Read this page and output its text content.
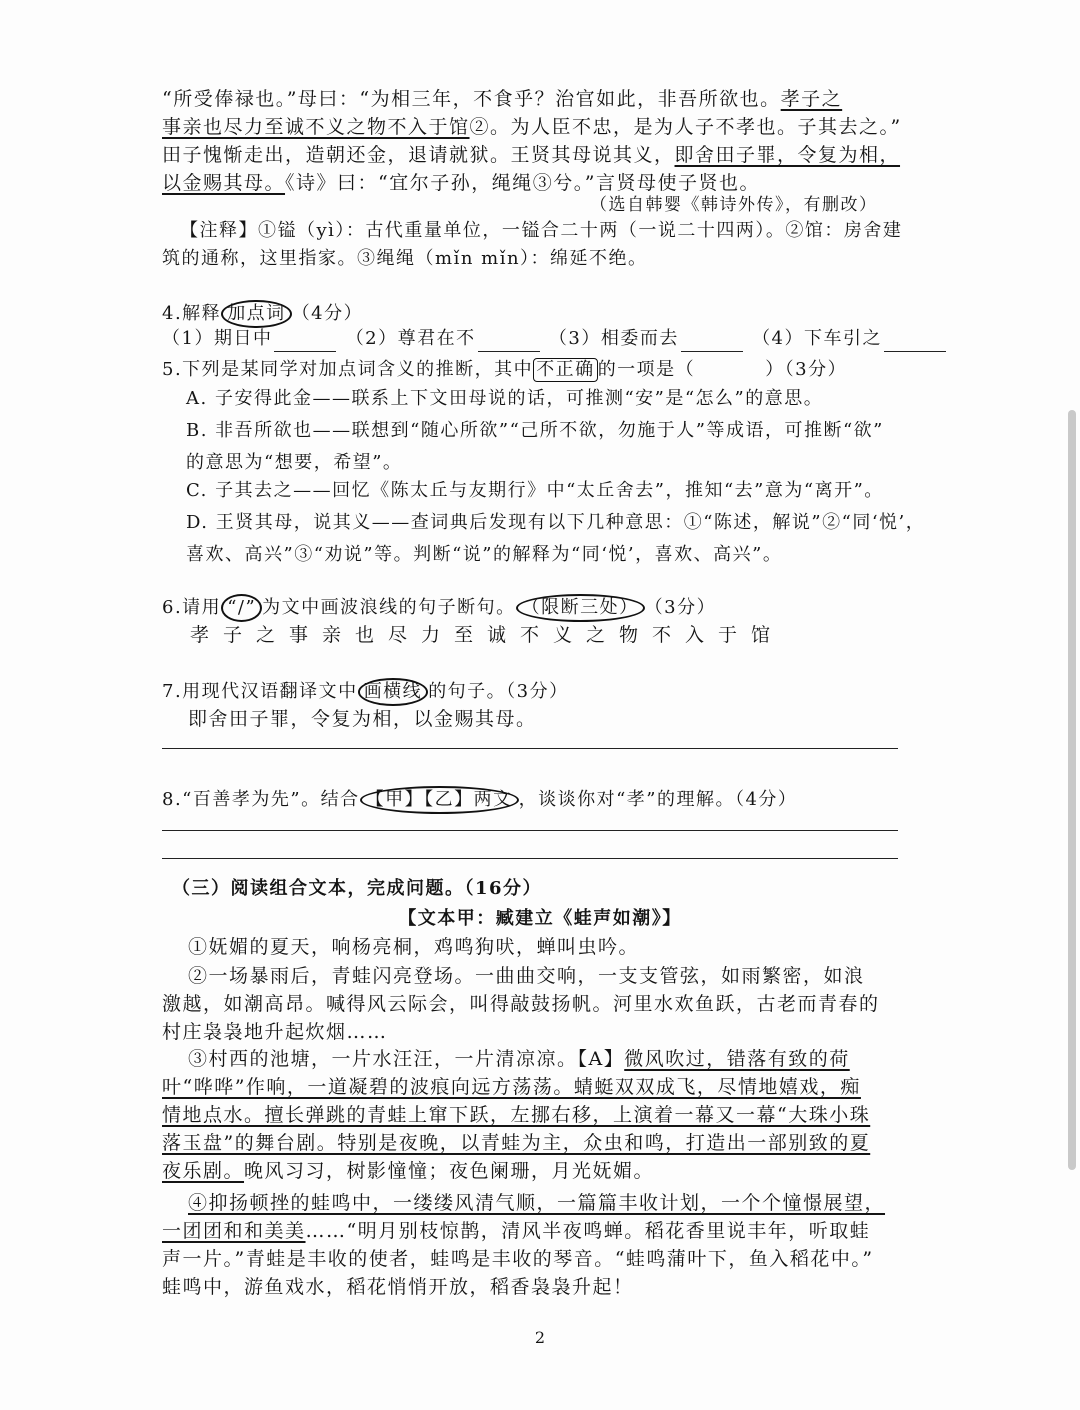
“所受俸禄也。”母曰：“为相三年，不食乎？治官如此，非吾所欲也。孝子之
事亲也尽力至诚不义之物不入于馆②。为人臣不忠，是为人子不孝也。子其去之。”
田子愧惭走出，造朝还金，退请就狱。王贤其母说其义，即舍田子罪，令复为相，
以金赐其母。《诗》曰：“宜尔子孙，绳绳③兮。”言贤母使子贤也。
（选自韩婴《韩诗外传》，有删改）
【注释】①镒（yì）：古代重量单位，一镒合二十两（一说二十四两）。②馆：房舍建
筑的通称，这里指家。③绳绳（mǐn mǐn）：绵延不绝。
4.解释 加点词 （4分）
（1）期日中	（2）尊君在不	（3）相委而去	（4）下车引之
5.下列是某同学对加点词含义的推断，其中 不正确 的一项是（	）（3分）
A. 子安得此金——联系上下文田母说的话，可推测“安”是“怎么”的意思。
B. 非吾所欲也——联想到“随心所欲”“己所不欲，勿施于人”等成语，可推断“欲”
的意思为“想要，希望”。
C. 子其去之——回忆《陈太丘与友期行》中“太丘舍去”，推知“去”意为“离开”。
D. 王贤其母，说其义——查词典后发现有以下几种意思：①“陈述，解说”②“同‘悦’，
喜欢、高兴”③“劝说”等。判断“说”的解释为“同‘悦’，喜欢、高兴”。
6.请用 “/” 为文中画波浪线的句子断句。 （限断三处） （3分）
孝子之事亲也尽力至诚不义之物不入于馆
7.用现代汉语翻译文中 画横线 的句子。（3分）
即舍田子罪，令复为相，以金赐其母。
8.“百善孝为先”。结合 【甲】【乙】两文 ，谈谈你对“孝”的理解。（4分）
（三）阅读组合文本，完成问题。（16分）
【文本甲：臧建立《蛙声如潮》】
①妩媚的夏天，响杨亮桐，鸡鸣狗吠，蝉叫虫吟。
②一场暴雨后，青蛙闪亮登场。一曲曲交响，一支支管弦，如雨繁密，如浪
激越，如潮高昂。喊得风云际会，叫得敲鼓扬帆。河里水欢鱼跃，古老而青春的
村庄袅袅地升起炊烟……
③村西的池塘，一片水汪汪，一片清凉凉。【A】微风吹过，错落有致的荷
叶“哗哗”作响，一道凝碧的波痕向远方荡荡。蜻蜓双双成飞，尽情地嬉戏，痴
情地点水。擅长弹跳的青蛙上窜下跃，左挪右移，上演着一幕又一幕“大珠小珠
落玉盘”的舞台剧。特别是夜晚，以青蛙为主，众虫和鸣，打造出一部别致的夏
夜乐剧。晚风习习，树影憧憧；夜色阑珊，月光妩媚。
④抑扬顿挫的蛙鸣中，一缕缕风清气顺，一篇篇丰收计划，一个个憧憬展望，
一团团和和美美……“明月别枝惊鹊，清风半夜鸣蝉。稻花香里说丰年，听取蛙
声一片。”青蛙是丰收的使者，蛙鸣是丰收的琴音。“蛙鸣蒲叶下，鱼入稻花中。”
蛙鸣中，游鱼戏水，稻花悄悄开放，稻香袅袅升起！
2
